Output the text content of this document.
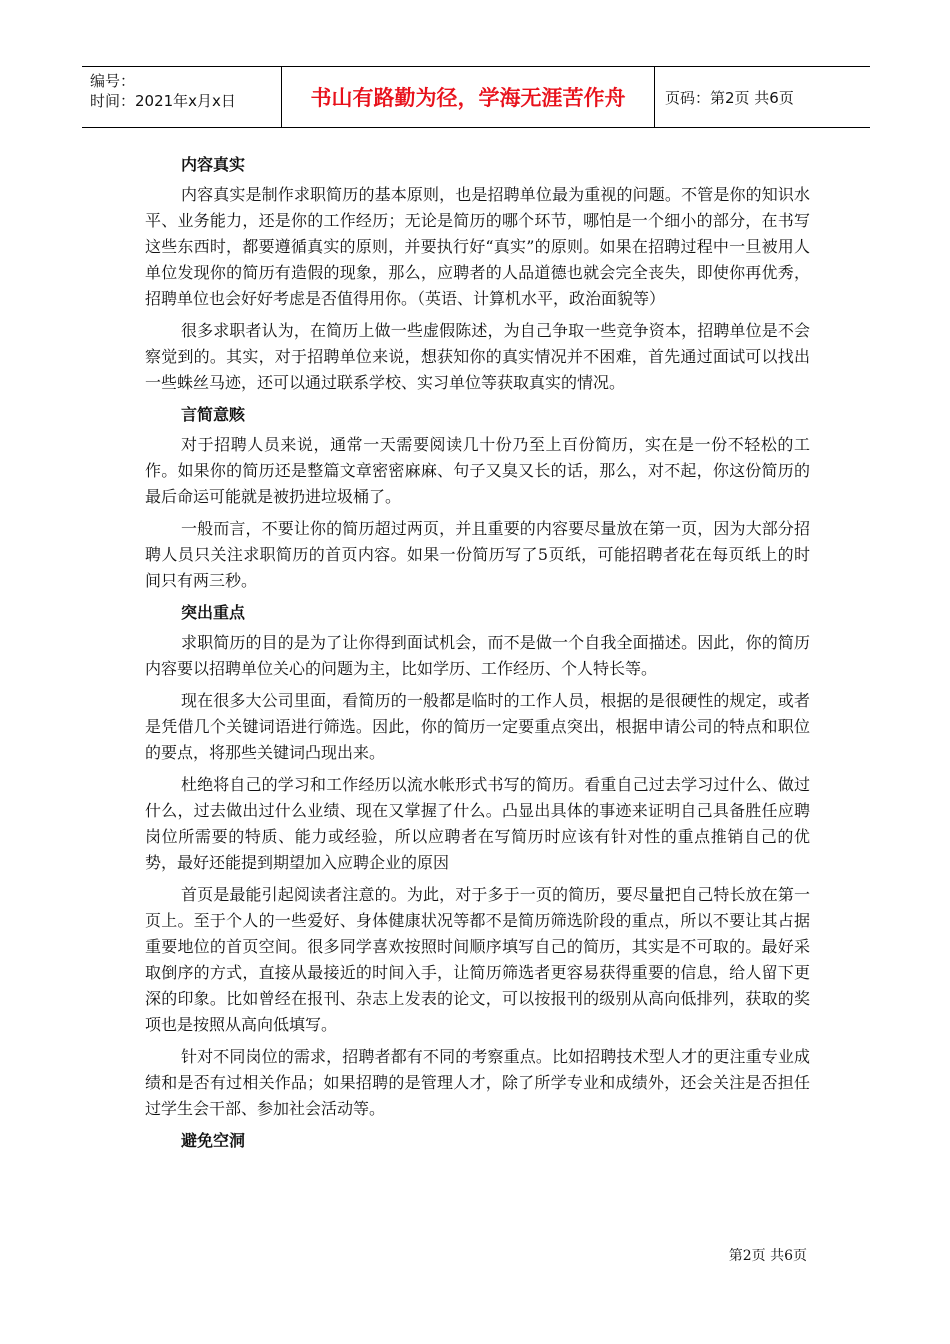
编号：
时间：2021年x月x日	书山有路勤为径，学海无涯苦作舟	页码：第2页 共6页
内容真实

内容真实是制作求职简历的基本原则，也是招聘单位最为重视的问题。不管是你的知识水平、业务能力，还是你的工作经历；无论是简历的哪个环节，哪怕是一个细小的部分，在书写这些东西时，都要遵循真实的原则，并要执行好“真实”的原则。如果在招聘过程中一旦被用人单位发现你的简历有造假的现象，那么，应聘者的人品道德也就会完全丧失，即使你再优秀，招聘单位也会好好考虑是否值得用你。（英语、计算机水平，政治面貌等）

很多求职者认为，在简历上做一些虚假陈述，为自己争取一些竞争资本，招聘单位是不会察觉到的。其实，对于招聘单位来说，想获知你的真实情况并不困难，首先通过面试可以找出一些蛛丝马迹，还可以通过联系学校、实习单位等获取真实的情况。

言简意赅

对于招聘人员来说，通常一天需要阅读几十份乃至上百份简历，实在是一份不轻松的工作。如果你的简历还是整篇文章密密麻麻、句子又臭又长的话，那么，对不起，你这份简历的最后命运可能就是被扔进垃圾桶了。

一般而言，不要让你的简历超过两页，并且重要的内容要尽量放在第一页，因为大部分招聘人员只关注求职简历的首页内容。如果一份简历写了5页纸，可能招聘者花在每页纸上的时间只有两三秒。

突出重点

求职简历的目的是为了让你得到面试机会，而不是做一个自我全面描述。因此，你的简历内容要以招聘单位关心的问题为主，比如学历、工作经历、个人特长等。

现在很多大公司里面，看简历的一般都是临时的工作人员，根据的是很硬性的规定，或者是凭借几个关键词语进行筛选。因此，你的简历一定要重点突出，根据申请公司的特点和职位的要点，将那些关键词凸现出来。

杜绝将自己的学习和工作经历以流水帐形式书写的简历。看重自己过去学习过什么、做过什么，过去做出过什么业绩、现在又掌握了什么。凸显出具体的事迹来证明自己具备胜任应聘岗位所需要的特质、能力或经验，所以应聘者在写简历时应该有针对性的重点推销自己的优势，最好还能提到期望加入应聘企业的原因

首页是最能引起阅读者注意的。为此，对于多于一页的简历，要尽量把自己特长放在第一页上。至于个人的一些爱好、身体健康状况等都不是简历筛选阶段的重点，所以不要让其占据重要地位的首页空间。很多同学喜欢按照时间顺序填写自己的简历，其实是不可取的。最好采取倒序的方式，直接从最接近的时间入手，让简历筛选者更容易获得重要的信息，给人留下更深的印象。比如曾经在报刊、杂志上发表的论文，可以按报刊的级别从高向低排列，获取的奖项也是按照从高向低填写。

针对不同岗位的需求，招聘者都有不同的考察重点。比如招聘技术型人才的更注重专业成绩和是否有过相关作品；如果招聘的是管理人才，除了所学专业和成绩外，还会关注是否担任过学生会干部、参加社会活动等。

避免空洞
第2页 共6页
